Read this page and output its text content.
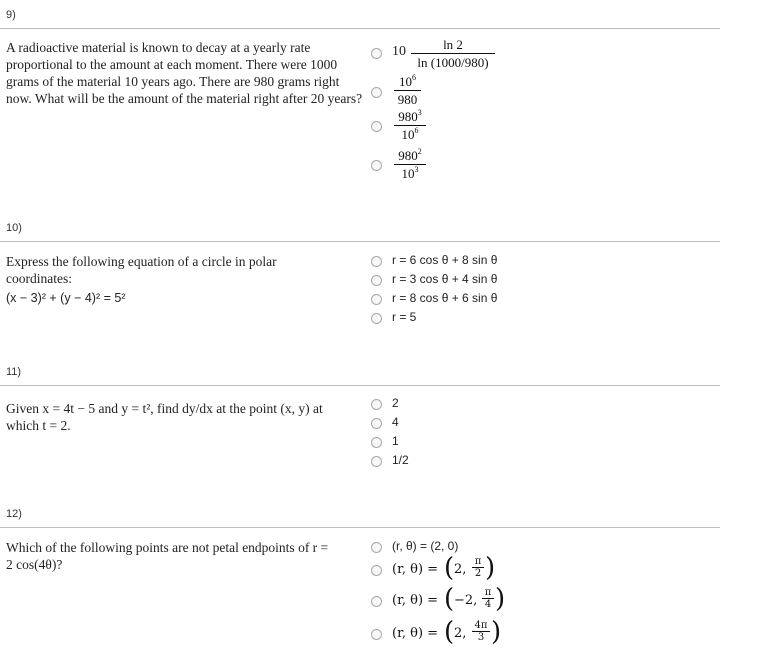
9)
A radioactive material is known to decay at a yearly rate proportional to the amount at each moment. There were 1000 grams of the material 10 years ago. There are 980 grams right now. What will be the amount of the material right after 20 years?
10	ln 2
ln (1000/980)
$10^6$
980
$980^3$
$10^6$
$980^2$
$10^3$
10)
Express the following equation of a circle in polar coordinates:
(x − 3)² + (y − 4)² = 5²
r = 6 cos θ + 8 sin θ
r = 3 cos θ + 4 sin θ
r = 8 cos θ + 6 sin θ
r = 5
11)
Given x = 4t − 5 and y = t², find dy/dx at the point (x, y) at
which t = 2.
2
4
1
1/2
12)
Which of the following points are not petal endpoints of r =
2 cos(4θ)?
(r, θ) = (2, 0)
(r, θ) = ( 2,
π
2 )
(r, θ) = ( −2,
π
4 )
(r, θ) = ( 2,
4π
3 )
